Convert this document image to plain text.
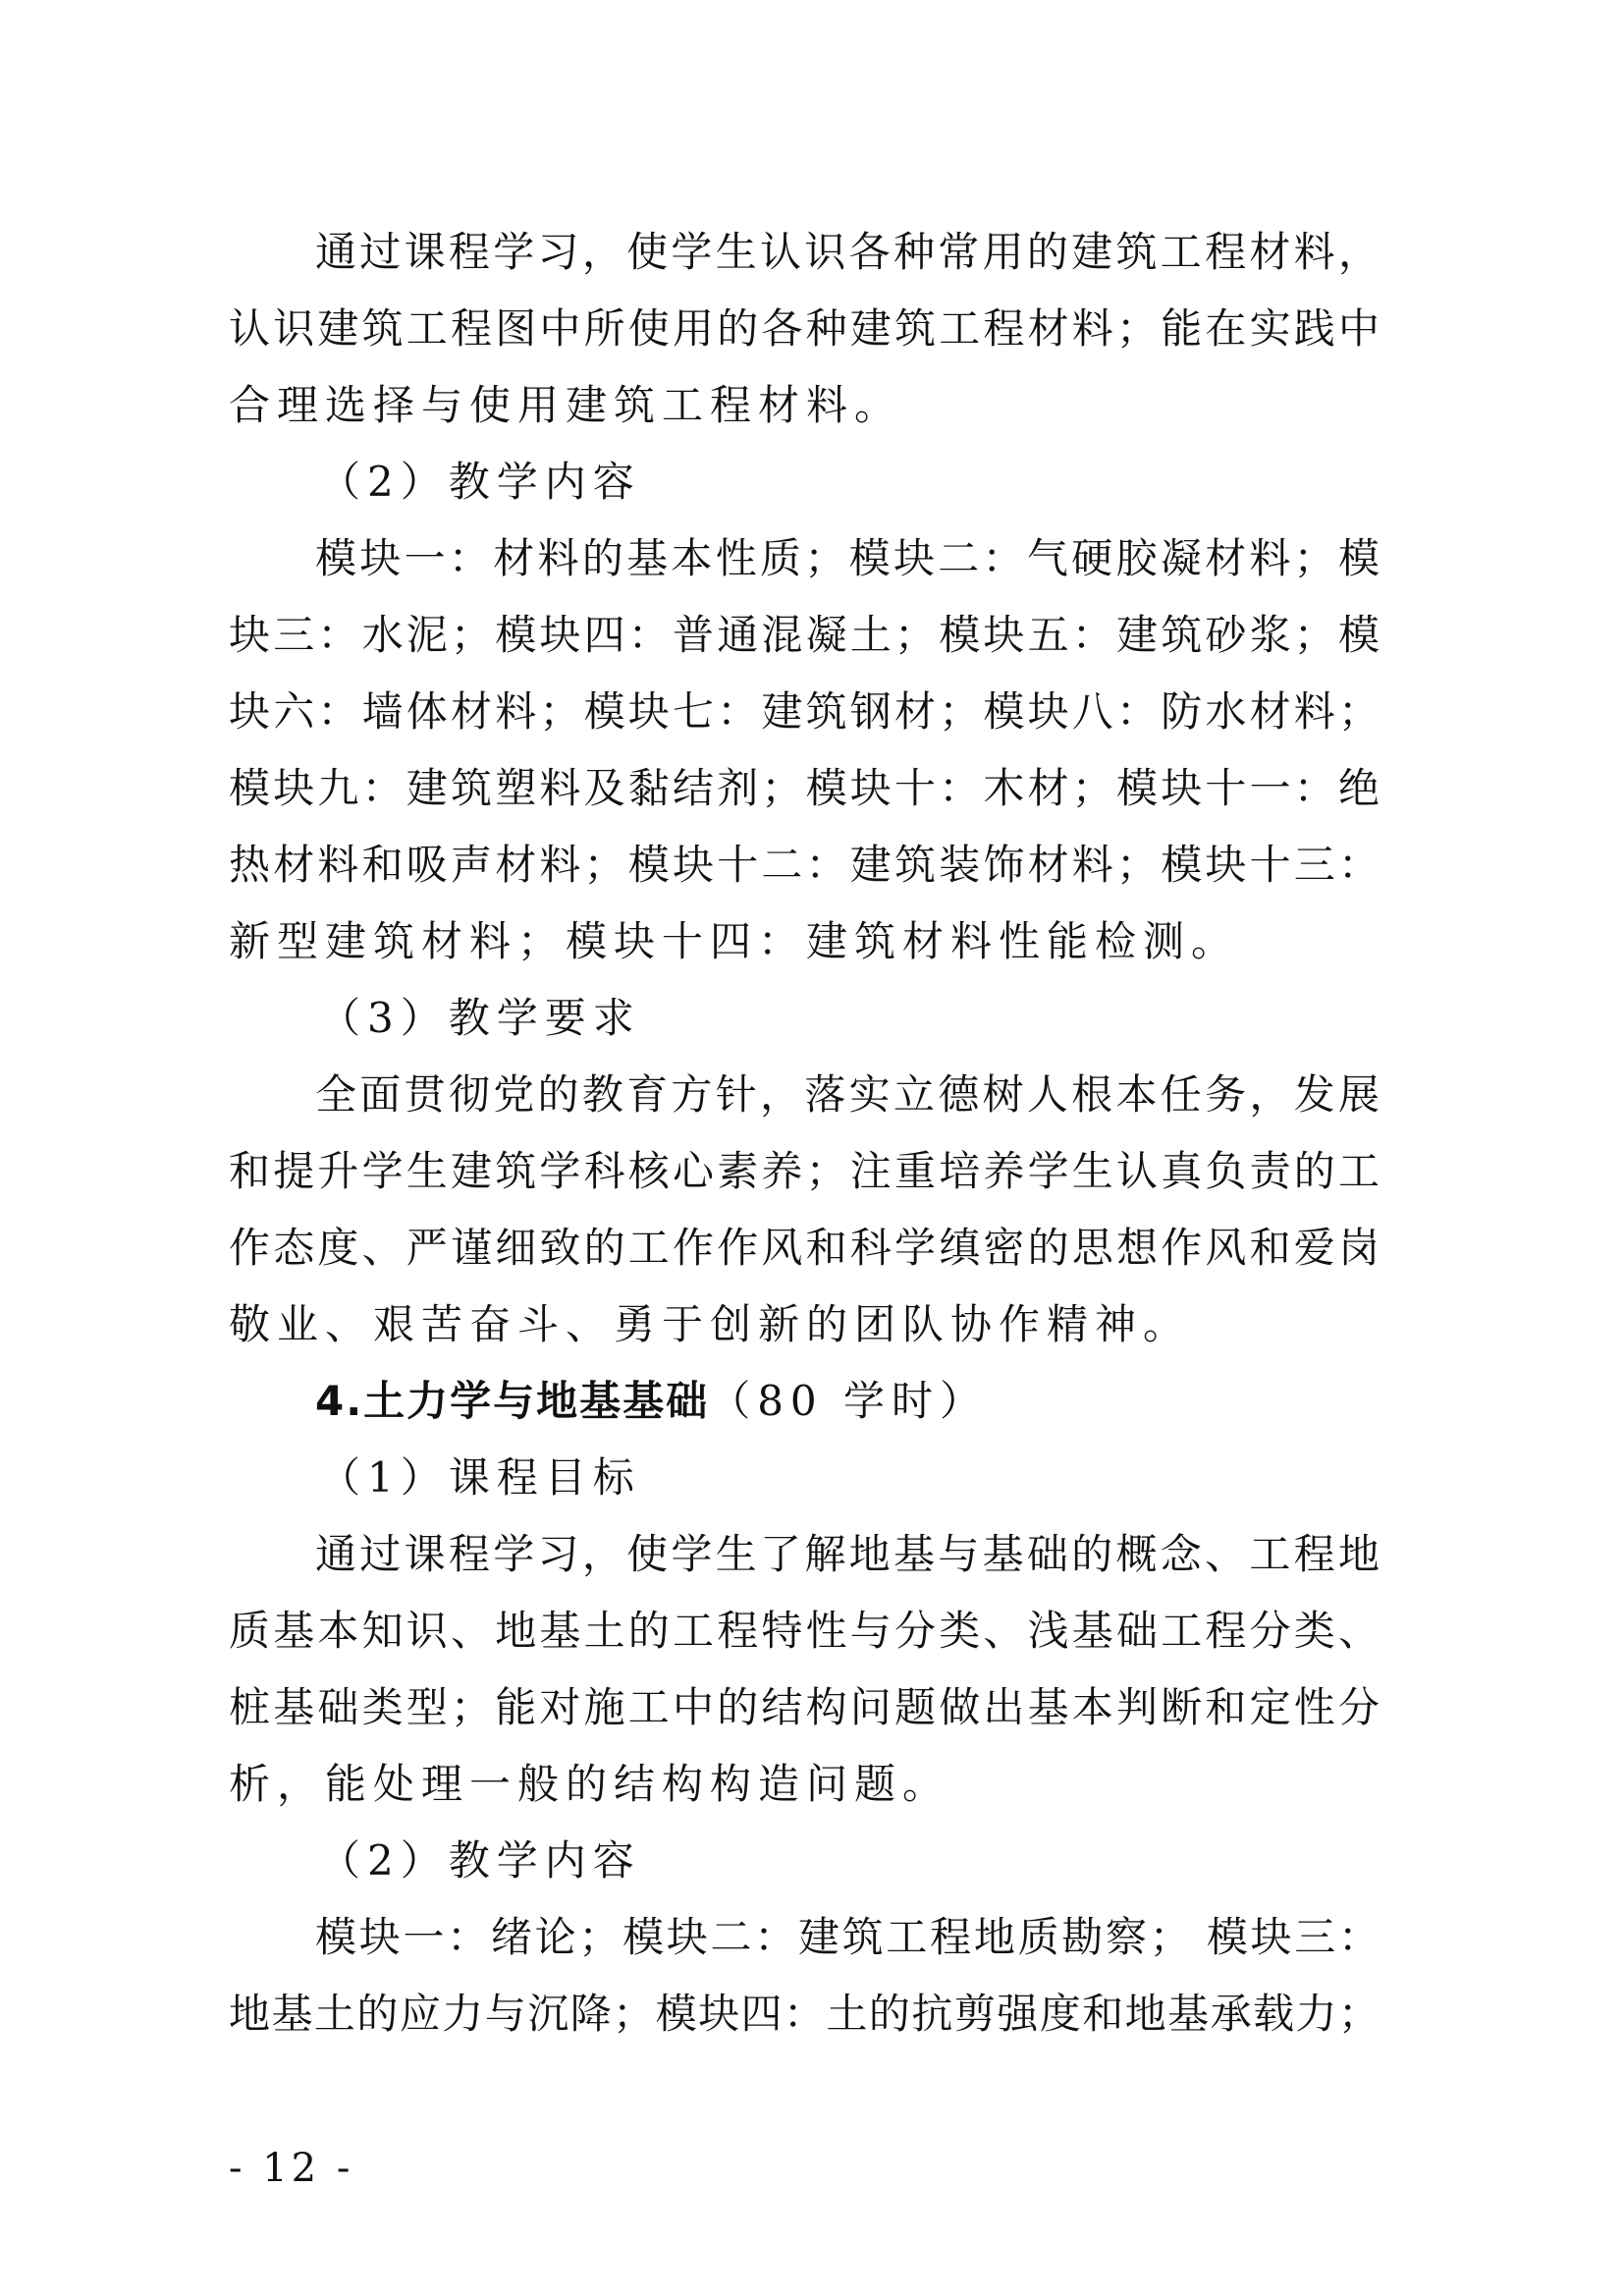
通过课程学习，使学生认识各种常用的建筑工程材料，
认识建筑工程图中所使用的各种建筑工程材料；能在实践中
合理选择与使用建筑工程材料。
（2）教学内容
模块一：材料的基本性质；模块二：气硬胶凝材料；模
块三：水泥；模块四：普通混凝土；模块五：建筑砂浆；模
块六：墙体材料；模块七：建筑钢材；模块八：防水材料；
模块九：建筑塑料及黏结剂；模块十：木材；模块十一：绝
热材料和吸声材料；模块十二：建筑装饰材料；模块十三：
新型建筑材料；模块十四：建筑材料性能检测。
（3）教学要求
全面贯彻党的教育方针，落实立德树人根本任务，发展
和提升学生建筑学科核心素养；注重培养学生认真负责的工
作态度、严谨细致的工作作风和科学缜密的思想作风和爱岗
敬业、艰苦奋斗、勇于创新的团队协作精神。
4.土力学与地基基础（80 学时）
（1）课程目标
通过课程学习，使学生了解地基与基础的概念、工程地
质基本知识、地基土的工程特性与分类、浅基础工程分类、
桩基础类型；能对施工中的结构问题做出基本判断和定性分
析，能处理一般的结构构造问题。
（2）教学内容
模块一：绪论；模块二：建筑工程地质勘察； 模块三：
地基土的应力与沉降；模块四：土的抗剪强度和地基承载力；
- 12 -
